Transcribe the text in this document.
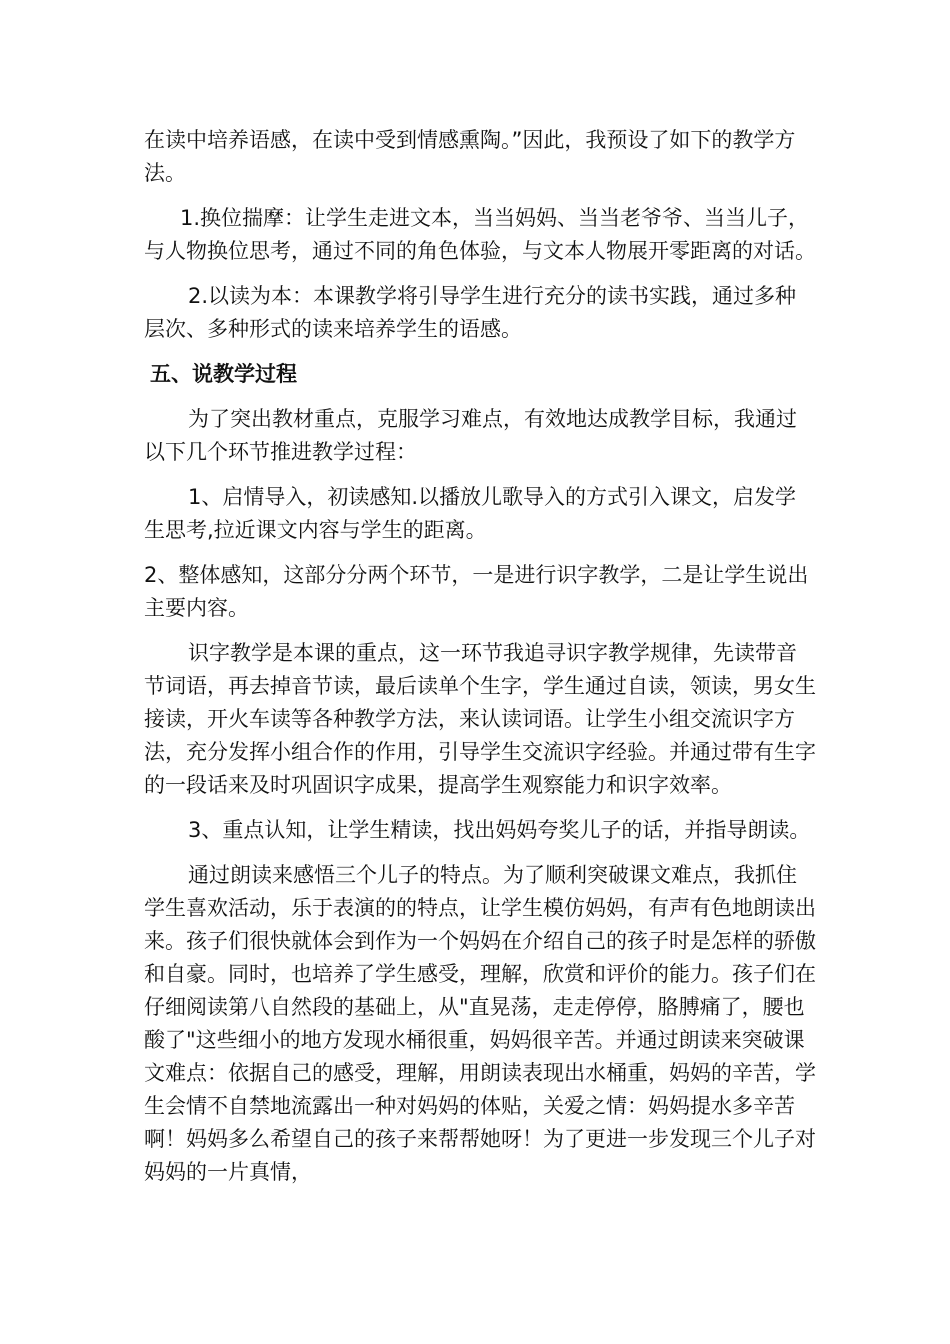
在读中培养语感，在读中受到情感熏陶。”因此，我预设了如下的教学方法。

1.换位揣摩：让学生走进文本，当当妈妈、当当老爷爷、当当儿子，与人物换位思考，通过不同的角色体验，与文本人物展开零距离的对话。

2.以读为本：本课教学将引导学生进行充分的读书实践，通过多种层次、多种形式的读来培养学生的语感。

五、说教学过程

为了突出教材重点，克服学习难点，有效地达成教学目标，我通过以下几个环节推进教学过程：

1、启情导入，初读感知.以播放儿歌导入的方式引入课文，启发学生思考,拉近课文内容与学生的距离。

2、整体感知，这部分分两个环节，一是进行识字教学，二是让学生说出主要内容。

识字教学是本课的重点，这一环节我追寻识字教学规律，先读带音节词语，再去掉音节读，最后读单个生字，学生通过自读，领读，男女生接读，开火车读等各种教学方法，来认读词语。让学生小组交流识字方法，充分发挥小组合作的作用，引导学生交流识字经验。并通过带有生字的一段话来及时巩固识字成果，提高学生观察能力和识字效率。

3、重点认知，让学生精读，找出妈妈夸奖儿子的话，并指导朗读。

通过朗读来感悟三个儿子的特点。为了顺利突破课文难点，我抓住学生喜欢活动，乐于表演的的特点，让学生模仿妈妈，有声有色地朗读出来。孩子们很快就体会到作为一个妈妈在介绍自己的孩子时是怎样的骄傲和自豪。同时，也培养了学生感受，理解，欣赏和评价的能力。孩子们在仔细阅读第八自然段的基础上，从"直晃荡，走走停停，胳膊痛了，腰也酸了"这些细小的地方发现水桶很重，妈妈很辛苦。并通过朗读来突破课文难点：依据自己的感受，理解，用朗读表现出水桶重，妈妈的辛苦，学生会情不自禁地流露出一种对妈妈的体贴，关爱之情：妈妈提水多辛苦啊！妈妈多么希望自己的孩子来帮帮她呀！为了更进一步发现三个儿子对妈妈的一片真情，
